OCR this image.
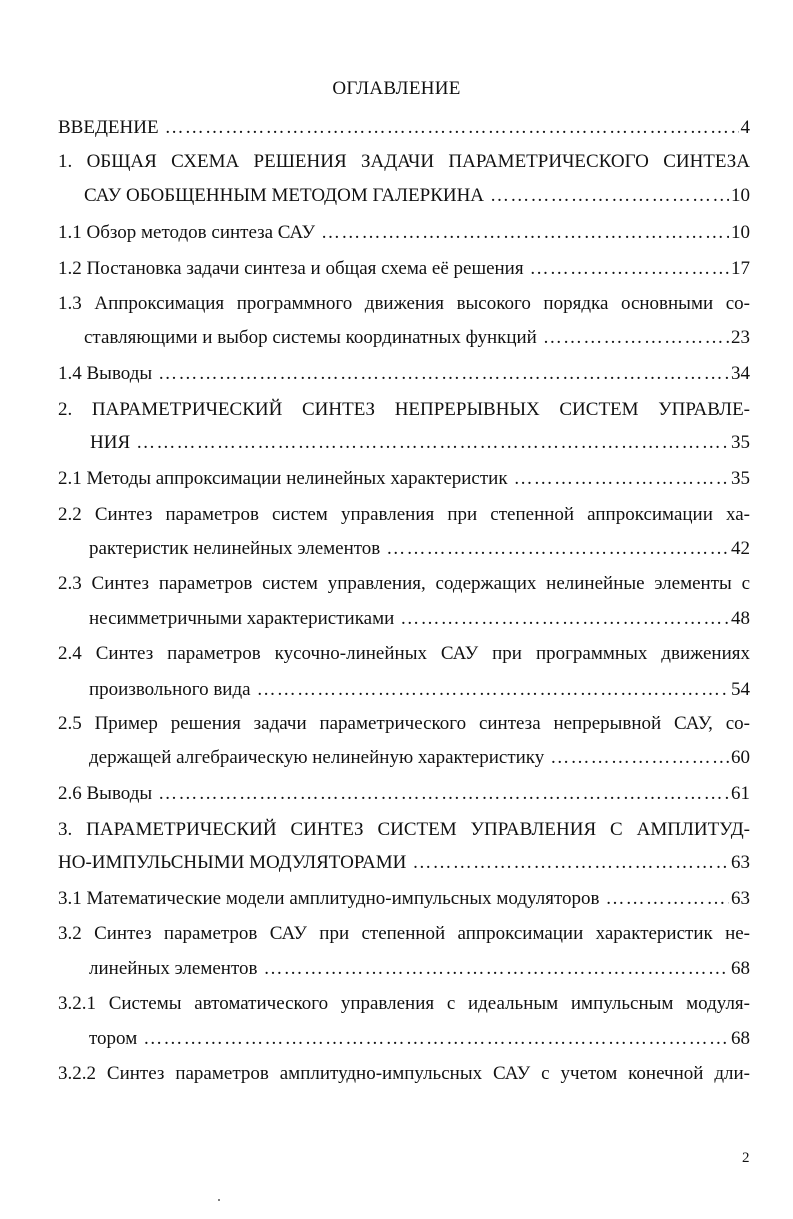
ОГЛАВЛЕНИЕ
ВВЕДЕНИЕ ……………………………………………………………………………………………………………………………………………………………………………………………………………………………………	4
1. ОБЩАЯ СХЕМА РЕШЕНИЯ ЗАДАЧИ ПАРАМЕТРИЧЕСКОГО СИНТЕЗА
САУ ОБОБЩЕННЫМ МЕТОДОМ ГАЛЕРКИНА ……………………………………………………………………………………………………………………………………………………………………………………………………………………………………	10
1.1 Обзор методов синтеза САУ ……………………………………………………………………………………………………………………………………………………………………………………………………………………………………	10
1.2 Постановка задачи синтеза и общая схема её решения ……………………………………………………………………………………………………………………………………………………………………………………………………………………………………	17
1.3 Аппроксимация программного движения высокого порядка основными со-
ставляющими и выбор системы координатных функций ……………………………………………………………………………………………………………………………………………………………………………………………………………………………………	23
1.4 Выводы ……………………………………………………………………………………………………………………………………………………………………………………………………………………………………	34
2. ПАРАМЕТРИЧЕСКИЙ СИНТЕЗ НЕПРЕРЫВНЫХ СИСТЕМ УПРАВЛЕ-
НИЯ ……………………………………………………………………………………………………………………………………………………………………………………………………………………………………	35
2.1 Методы аппроксимации нелинейных характеристик ……………………………………………………………………………………………………………………………………………………………………………………………………………………………………	35
2.2 Синтез параметров систем управления при степенной аппроксимации ха-
рактеристик нелинейных элементов ……………………………………………………………………………………………………………………………………………………………………………………………………………………………………	42
2.3 Синтез параметров систем управления, содержащих нелинейные элементы с
несимметричными характеристиками ……………………………………………………………………………………………………………………………………………………………………………………………………………………………………	48
2.4 Синтез параметров кусочно-линейных САУ при программных движениях
произвольного вида ……………………………………………………………………………………………………………………………………………………………………………………………………………………………………	54
2.5 Пример решения задачи параметрического синтеза непрерывной САУ, со-
держащей алгебраическую нелинейную характеристику ……………………………………………………………………………………………………………………………………………………………………………………………………………………………………	60
2.6 Выводы ……………………………………………………………………………………………………………………………………………………………………………………………………………………………………	61
3. ПАРАМЕТРИЧЕСКИЙ СИНТЕЗ СИСТЕМ УПРАВЛЕНИЯ С АМПЛИТУД-
НО-ИМПУЛЬСНЫМИ МОДУЛЯТОРАМИ ……………………………………………………………………………………………………………………………………………………………………………………………………………………………………	63
3.1 Математические модели амплитудно-импульсных модуляторов ……………………………………………………………………………………………………………………………………………………………………………………………………………………………………	63
3.2 Синтез параметров САУ при степенной аппроксимации характеристик не-
линейных элементов ……………………………………………………………………………………………………………………………………………………………………………………………………………………………………	68
3.2.1 Системы автоматического управления с идеальным импульсным модуля-
тором ……………………………………………………………………………………………………………………………………………………………………………………………………………………………………	68
3.2.2 Синтез параметров амплитудно-импульсных САУ с учетом конечной дли-
2
